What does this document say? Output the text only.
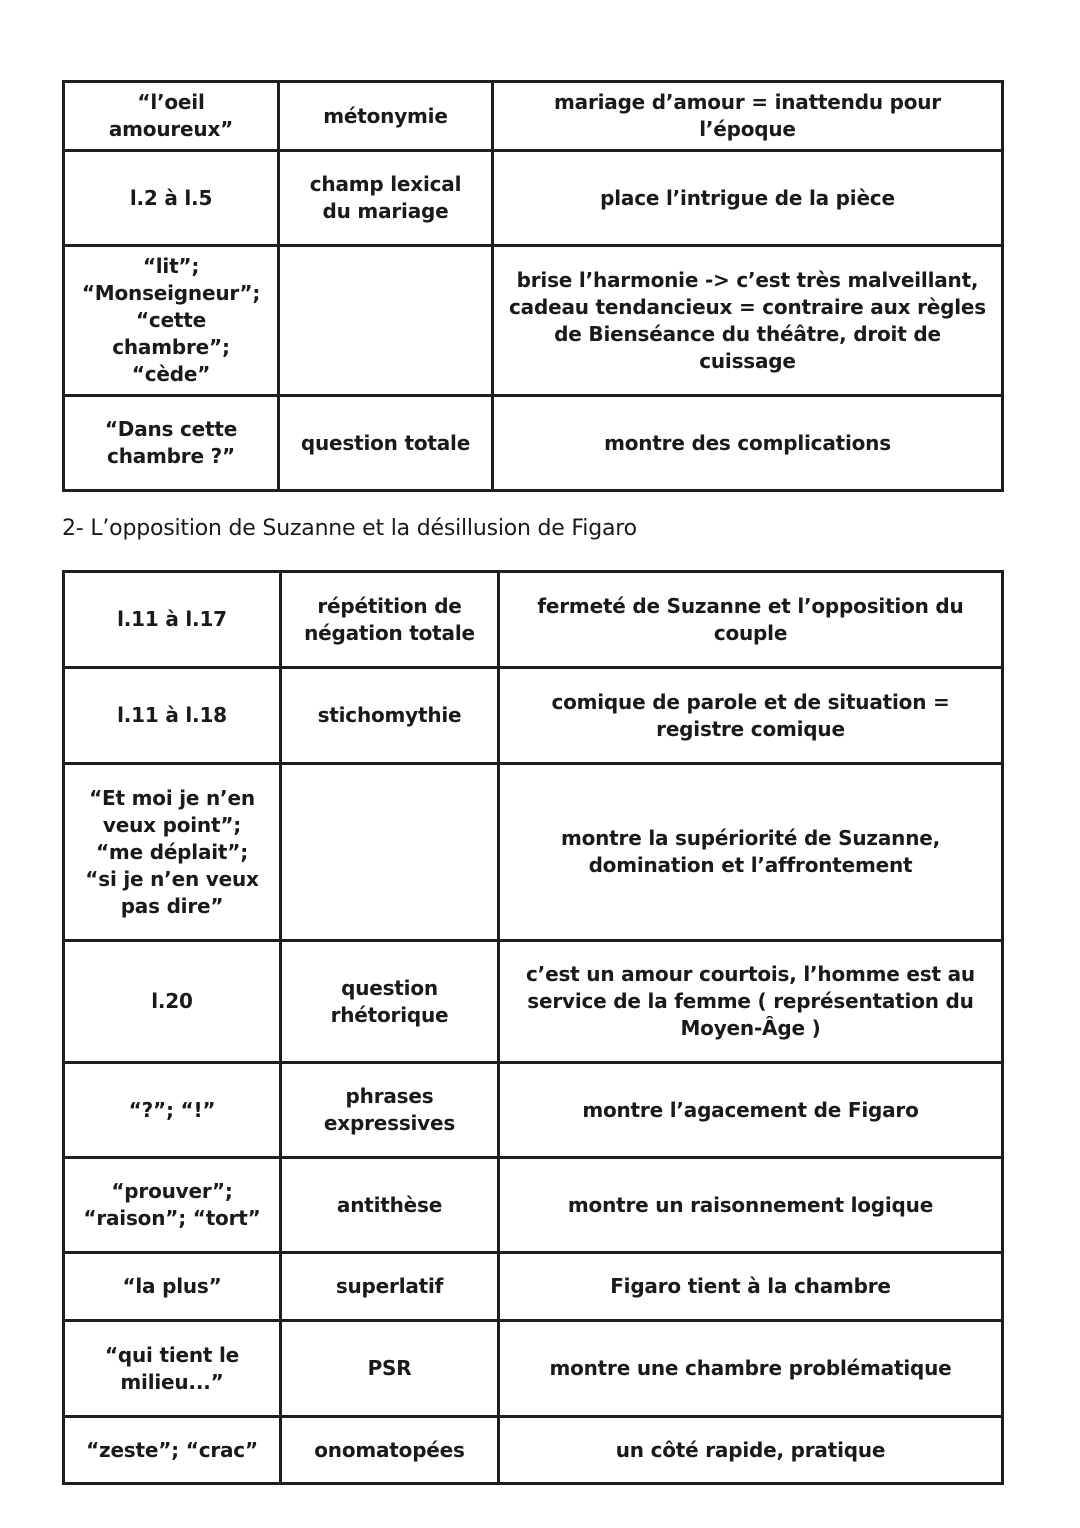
“l’oeil amoureux”	métonymie	mariage d’amour = inattendu pour l’époque
l.2 à l.5	champ lexical du mariage	place l’intrigue de la pièce
“lit”; “Monseigneur”; “cette chambre”; “cède”		brise l’harmonie -> c’est très malveillant, cadeau tendancieux = contraire aux règles de Bienséance du théâtre, droit de cuissage
“Dans cette chambre ?”	question totale	montre des complications
2- L’opposition de Suzanne et la désillusion de Figaro
l.11 à l.17	répétition de négation totale	fermeté de Suzanne et l’opposition du couple
l.11 à l.18	stichomythie	comique de parole et de situation = registre comique
“Et moi je n’en veux point”; “me déplait”; “si je n’en veux pas dire”		montre la supériorité de Suzanne, domination et l’affrontement
l.20	question rhétorique	c’est un amour courtois, l’homme est au service de la femme ( représentation du Moyen-Âge )
“?”; “!”	phrases expressives	montre l’agacement de Figaro
“prouver”; “raison”; “tort”	antithèse	montre un raisonnement logique
“la plus”	superlatif	Figaro tient à la chambre
“qui tient le milieu...”	PSR	montre une chambre problématique
“zeste”; “crac”	onomatopées	un côté rapide, pratique
